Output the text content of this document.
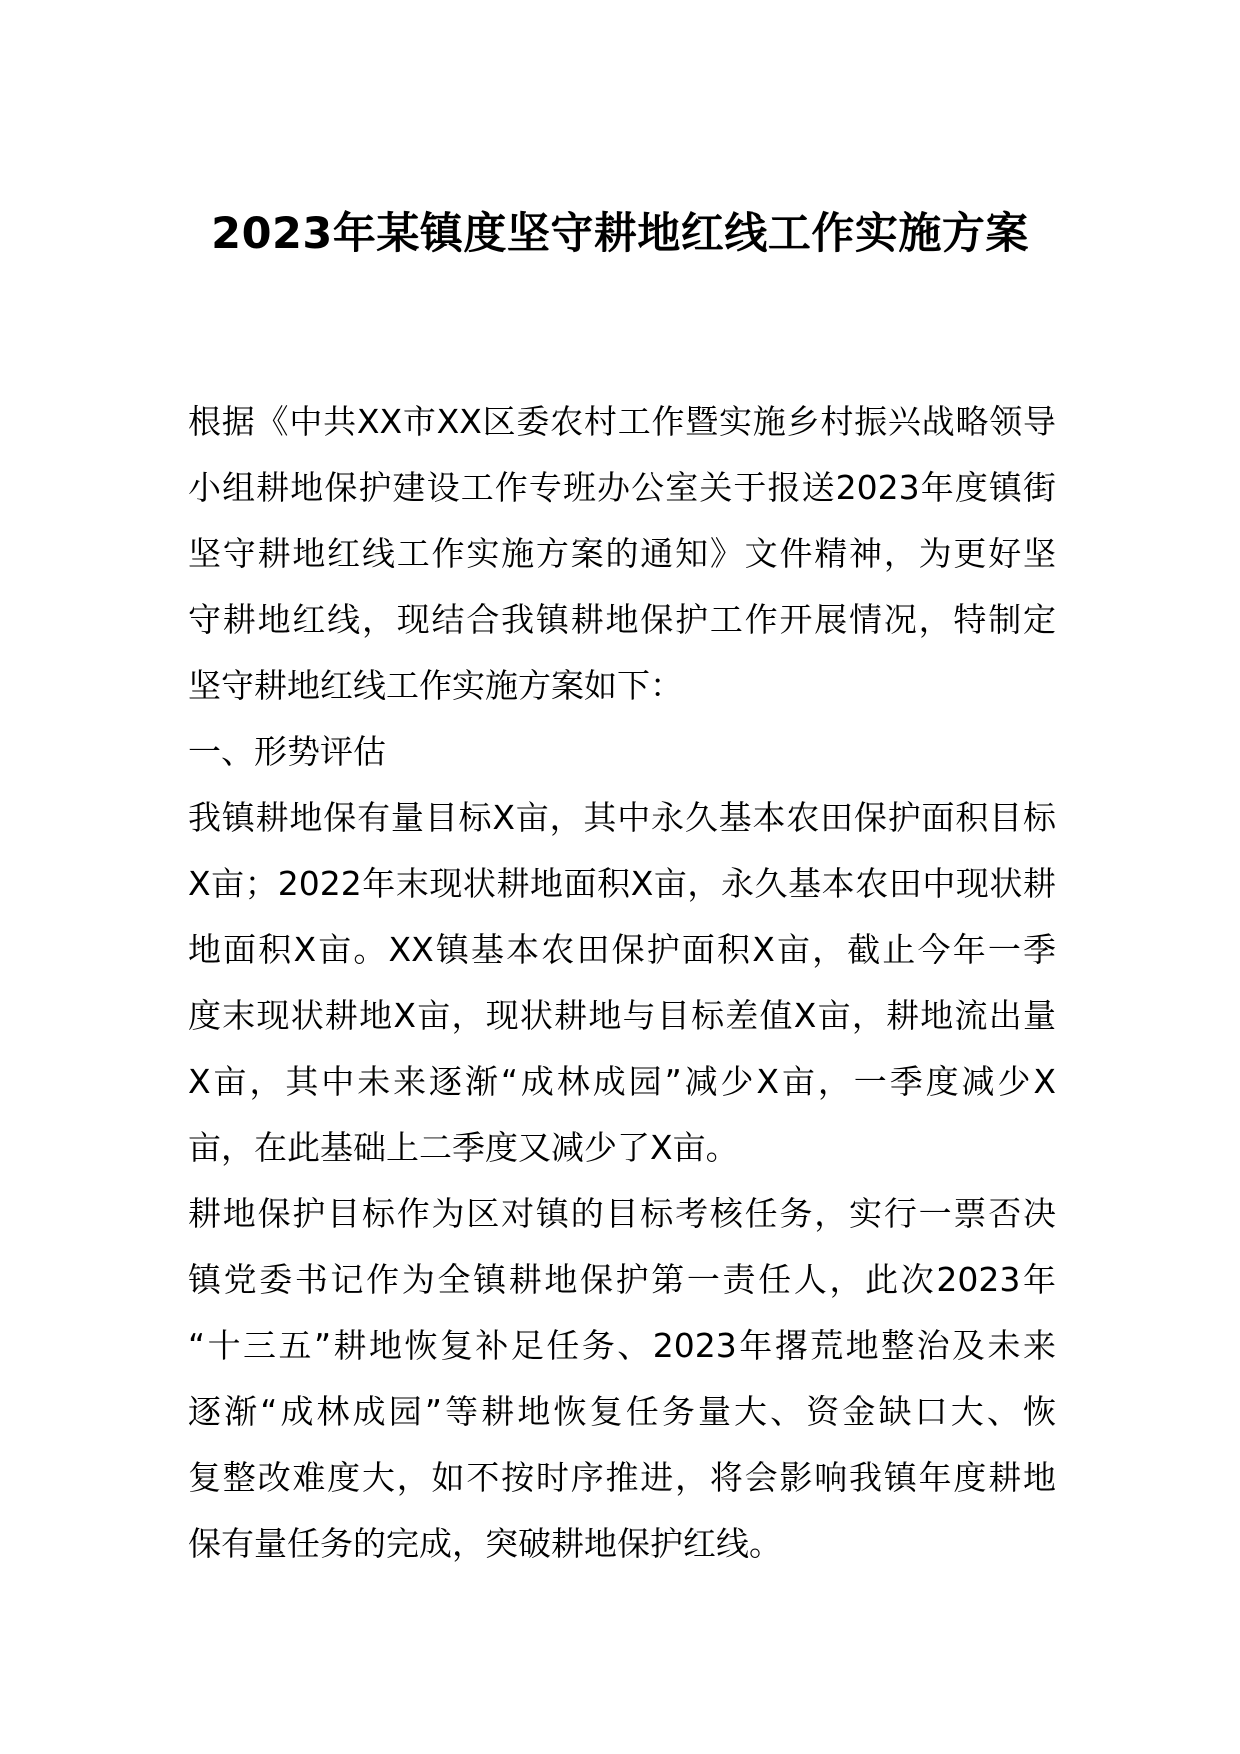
2023年某镇度坚守耕地红线工作实施方案
根据《中共XX市XX区委农村工作暨实施乡村振兴战略领导
小组耕地保护建设工作专班办公室关于报送2023年度镇街
坚守耕地红线工作实施方案的通知》文件精神，为更好坚
守耕地红线，现结合我镇耕地保护工作开展情况，特制定
坚守耕地红线工作实施方案如下：
一、形势评估
我镇耕地保有量目标X亩，其中永久基本农田保护面积目标
X亩；2022年末现状耕地面积X亩，永久基本农田中现状耕
地面积X亩。XX镇基本农田保护面积X亩，截止今年一季
度末现状耕地X亩，现状耕地与目标差值X亩，耕地流出量
X亩，其中未来逐渐“成林成园”减少X亩，一季度减少X
亩，在此基础上二季度又减少了X亩。
耕地保护目标作为区对镇的目标考核任务，实行一票否决
镇党委书记作为全镇耕地保护第一责任人，此次2023年
“十三五”耕地恢复补足任务、2023年撂荒地整治及未来
逐渐“成林成园”等耕地恢复任务量大、资金缺口大、恢
复整改难度大，如不按时序推进，将会影响我镇年度耕地
保有量任务的完成，突破耕地保护红线。
